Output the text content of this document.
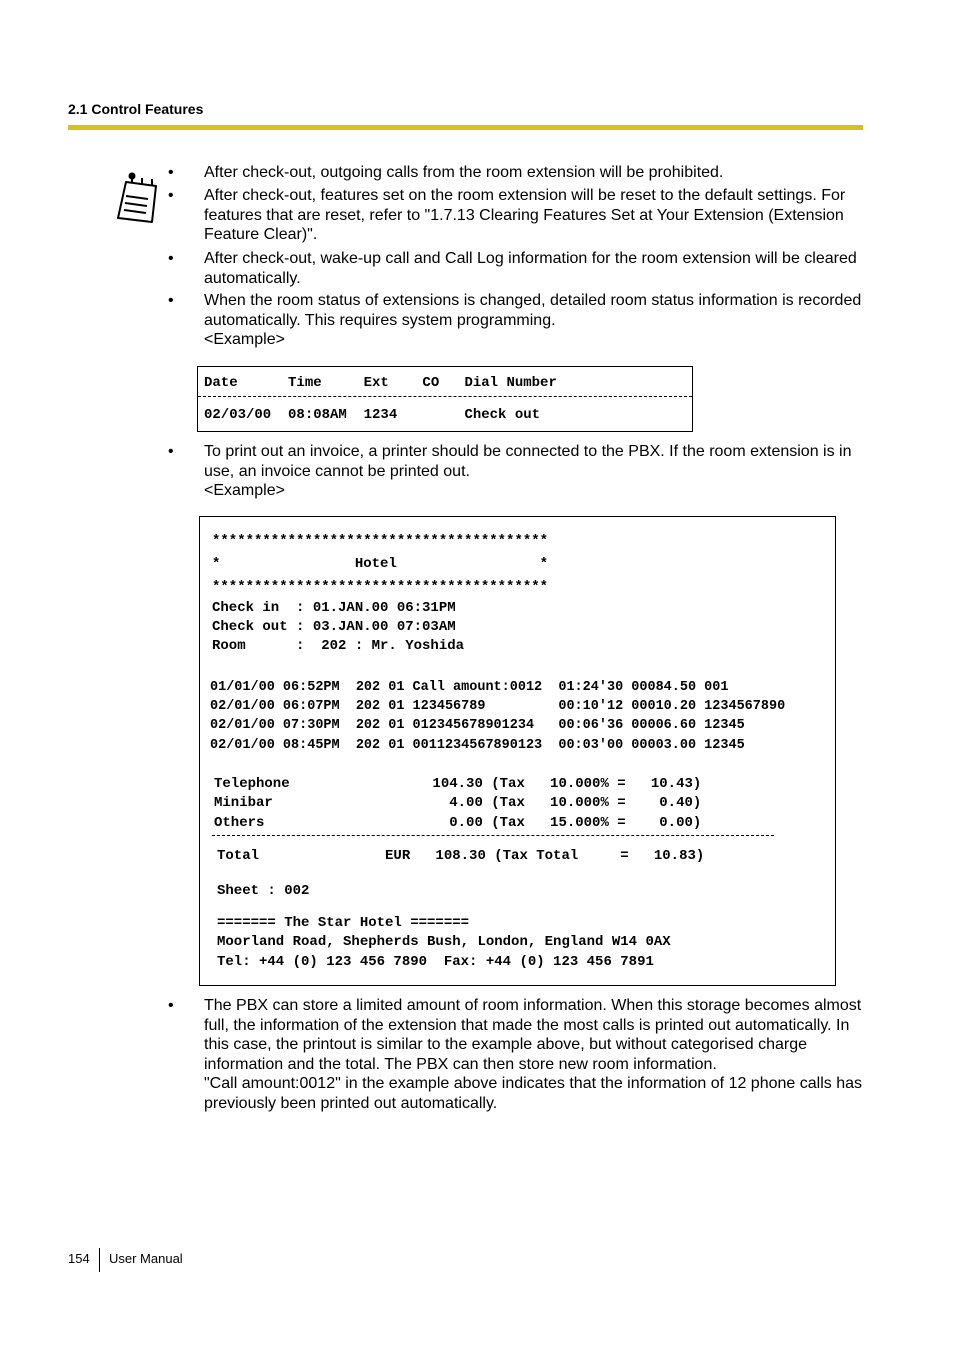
2.1 Control Features
• After check-out, outgoing calls from the room extension will be prohibited.
• After check-out, features set on the room extension will be reset to the default settings. For
features that are reset, refer to "1.7.13 Clearing Features Set at Your Extension (Extension
Feature Clear)".
• After check-out, wake-up call and Call Log information for the room extension will be cleared
automatically.
• When the room status of extensions is changed, detailed room status information is recorded
automatically. This requires system programming.
<Example>
Date      Time     Ext    CO   Dial Number
02/03/00  08:08AM  1234        Check out
• To print out an invoice, a printer should be connected to the PBX. If the room extension is in
use, an invoice cannot be printed out.
<Example>
****************************************
*                Hotel                 *
****************************************
Check in  : 01.JAN.00 06:31PM
Check out : 03.JAN.00 07:03AM
Room      :  202 : Mr. Yoshida
01/01/00 06:52PM  202 01 Call amount:0012  01:24'30 00084.50 001
02/01/00 06:07PM  202 01 123456789         00:10'12 00010.20 1234567890
02/01/00 07:30PM  202 01 012345678901234   00:06'36 00006.60 12345
02/01/00 08:45PM  202 01 0011234567890123  00:03'00 00003.00 12345
Telephone                 104.30 (Tax   10.000% =   10.43)
Minibar                     4.00 (Tax   10.000% =    0.40)
Others                      0.00 (Tax   15.000% =    0.00)
Total               EUR   108.30 (Tax Total     =   10.83)
Sheet : 002
======= The Star Hotel =======
Moorland Road, Shepherds Bush, London, England W14 0AX
Tel: +44 (0) 123 456 7890  Fax: +44 (0) 123 456 7891
• The PBX can store a limited amount of room information. When this storage becomes almost
full, the information of the extension that made the most calls is printed out automatically. In
this case, the printout is similar to the example above, but without categorised charge
information and the total. The PBX can then store new room information.
"Call amount:0012" in the example above indicates that the information of 12 phone calls has
previously been printed out automatically.
154 User Manual
